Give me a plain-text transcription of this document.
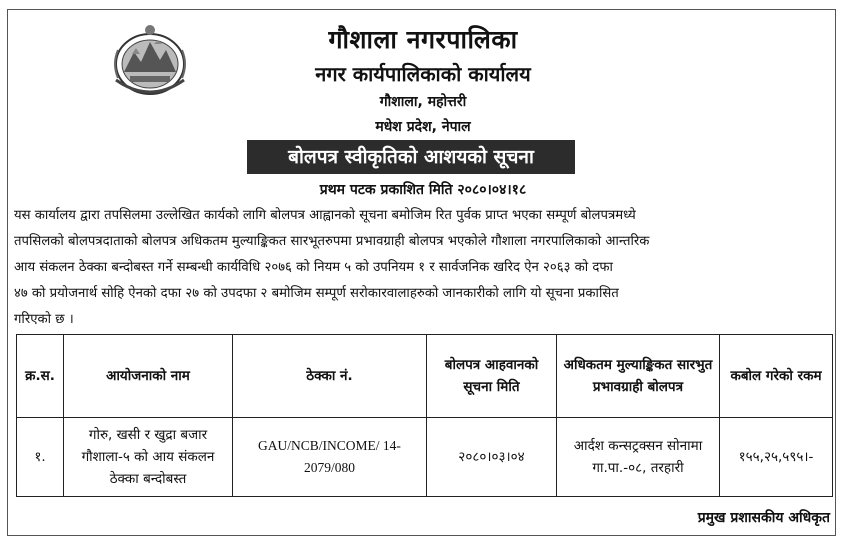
गौशाला नगरपालिका
नगर कार्यपालिकाको कार्यालय
गौशाला, महोत्तरी
मधेश प्रदेश, नेपाल
बोलपत्र स्वीकृतिको आशयको सूचना
प्रथम पटक प्रकाशित मिति २०८०।०४।१८
यस कार्यालय द्वारा तपसिलमा उल्लेखित कार्यको लागि बोलपत्र आह्वानको सूचना बमोजिम रित पुर्वक प्राप्त भएका सम्पूर्ण बोलपत्रमध्ये
तपसिलको बोलपत्रदाताको बोलपत्र अधिकतम मुल्याङ्किकत सारभूतरुपमा प्रभावग्राही बोलपत्र भएकोले गौशाला नगरपालिकाको आन्तरिक
आय संकलन ठेक्का बन्दोबस्त गर्ने सम्बन्धी कार्यविधि २०७६ को नियम ५ को उपनियम १ र सार्वजनिक खरिद ऐन २०६३ को दफा
४७ को प्रयोजनार्थ सोहि ऐनको दफा २७ को उपदफा २ बमोजिम सम्पूर्ण सरोकारवालाहरुको जानकारीको लागि यो सूचना प्रकासित
गरिएको छ ।
क्र.स.	आयोजनाको नाम	ठेक्का नं.	बोलपत्र आहवानको सूचना मिति	अधिकतम मुल्याङ्किकत सारभुत प्रभावग्राही बोलपत्र	कबोल गरेको रकम
१.	गोरु, खसी र खुद्रा बजार गौशाला-५ को आय संकलन ठेक्का बन्दोबस्त	GAU/NCB/INCOME/ 14-2079/080	२०८०।०३।०४	आर्दश कन्सट्रक्सन सोनामा गा.पा.-०८, तरहारी	१५५,२५,५९५।-
प्रमुख प्रशासकीय अधिकृत
